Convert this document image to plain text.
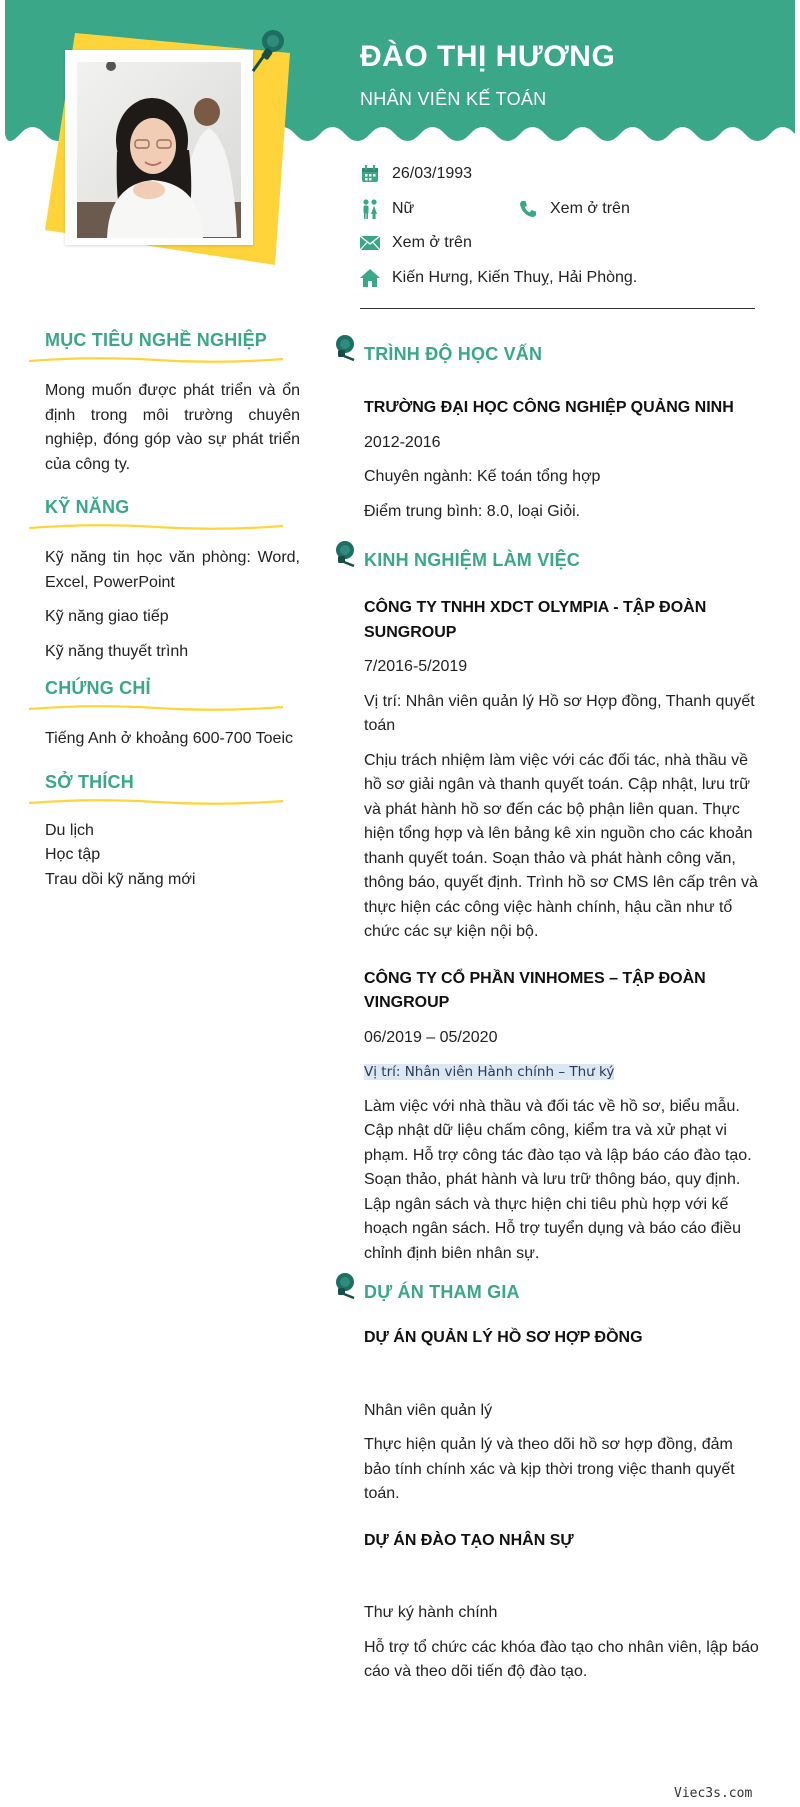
ĐÀO THỊ HƯƠNG
NHÂN VIÊN KẾ TOÁN
26/03/1993
Nữ	Xem ở trên
Xem ở trên
Kiến Hưng, Kiến Thuỵ, Hải Phòng.
MỤC TIÊU NGHỀ NGHIỆP
Mong muốn được phát triển và ổn định trong môi trường chuyên nghiệp, đóng góp vào sự phát triển của công ty.
KỸ NĂNG
Kỹ năng tin học văn phòng: Word, Excel, PowerPoint
Kỹ năng giao tiếp
Kỹ năng thuyết trình
CHỨNG CHỈ
Tiếng Anh ở khoảng 600-700 Toeic
SỞ THÍCH
Du lịch
Học tập
Trau dồi kỹ năng mới
TRÌNH ĐỘ HỌC VẤN
TRƯỜNG ĐẠI HỌC CÔNG NGHIỆP QUẢNG NINH
2012-2016
Chuyên ngành: Kế toán tổng hợp
Điểm trung bình: 8.0, loại Giỏi.
KINH NGHIỆM LÀM VIỆC
CÔNG TY TNHH XDCT OLYMPIA - TẬP ĐOÀN SUNGROUP
7/2016-5/2019
Vị trí: Nhân viên quản lý Hồ sơ Hợp đồng, Thanh quyết toán
Chịu trách nhiệm làm việc với các đối tác, nhà thầu về hồ sơ giải ngân và thanh quyết toán. Cập nhật, lưu trữ và phát hành hồ sơ đến các bộ phận liên quan. Thực hiện tổng hợp và lên bảng kê xin nguồn cho các khoản thanh quyết toán. Soạn thảo và phát hành công văn, thông báo, quyết định. Trình hồ sơ CMS lên cấp trên và thực hiện các công việc hành chính, hậu cần như tổ chức các sự kiện nội bộ.
CÔNG TY CỔ PHẦN VINHOMES – TẬP ĐOÀN VINGROUP
06/2019 – 05/2020
Vị trí: Nhân viên Hành chính – Thư ký
Làm việc với nhà thầu và đối tác về hồ sơ, biểu mẫu. Cập nhật dữ liệu chấm công, kiểm tra và xử phạt vi phạm. Hỗ trợ công tác đào tạo và lập báo cáo đào tạo. Soạn thảo, phát hành và lưu trữ thông báo, quy định. Lập ngân sách và thực hiện chi tiêu phù hợp với kế hoạch ngân sách. Hỗ trợ tuyển dụng và báo cáo điều chỉnh định biên nhân sự.
DỰ ÁN THAM GIA
DỰ ÁN QUẢN LÝ HỒ SƠ HỢP ĐỒNG
Nhân viên quản lý
Thực hiện quản lý và theo dõi hồ sơ hợp đồng, đảm bảo tính chính xác và kịp thời trong việc thanh quyết toán.
DỰ ÁN ĐÀO TẠO NHÂN SỰ
Thư ký hành chính
Hỗ trợ tổ chức các khóa đào tạo cho nhân viên, lập báo cáo và theo dõi tiến độ đào tạo.
Viec3s.com
